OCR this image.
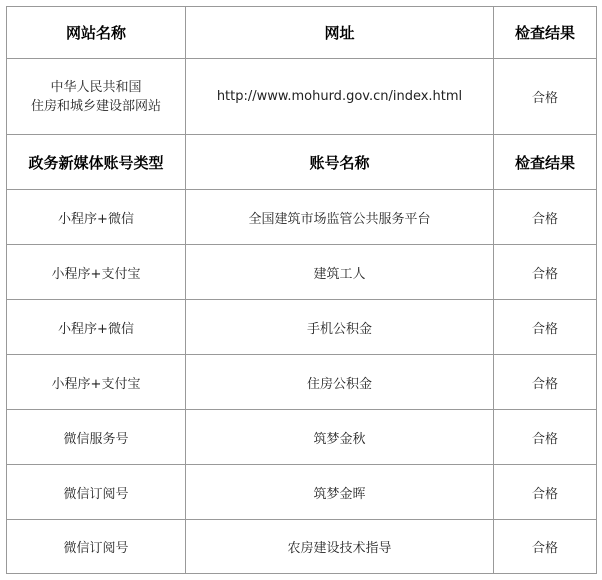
网站名称	网址	检查结果
中华人民共和国
住房和城乡建设部网站	http://www.mohurd.gov.cn/index.html	合格
政务新媒体账号类型	账号名称	检查结果
小程序+微信	全国建筑市场监管公共服务平台	合格
小程序+支付宝	建筑工人	合格
小程序+微信	手机公积金	合格
小程序+支付宝	住房公积金	合格
微信服务号	筑梦金秋	合格
微信订阅号	筑梦金晖	合格
微信订阅号	农房建设技术指导	合格
